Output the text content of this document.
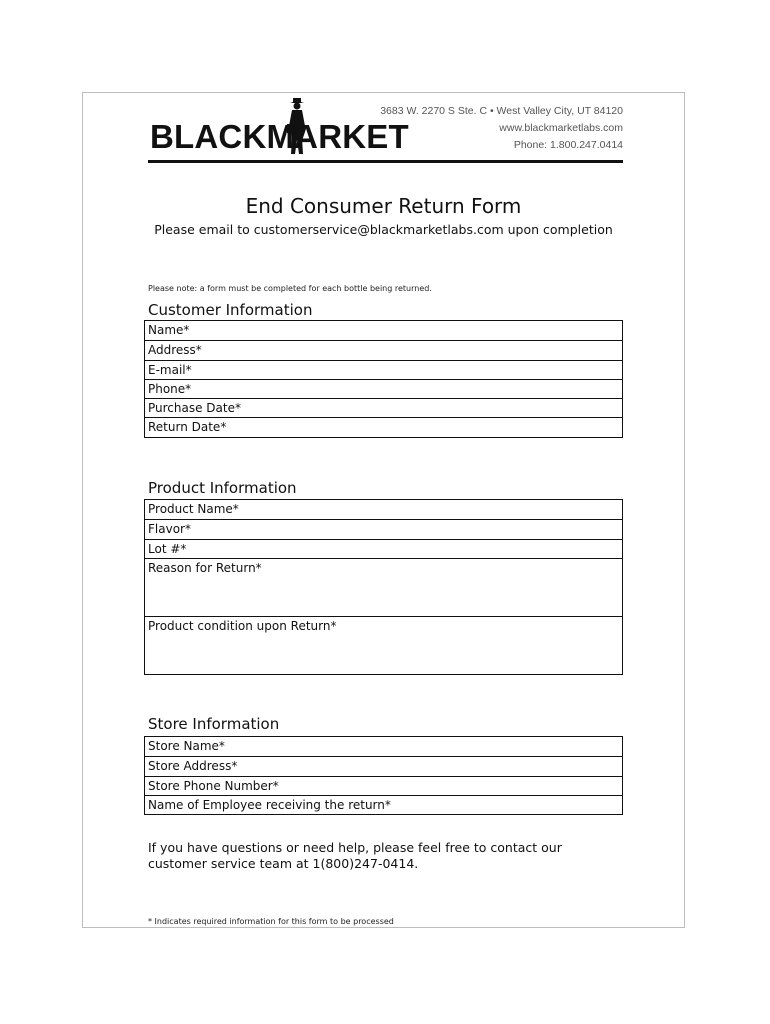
BLACKMARKET
3683 W. 2270 S Ste. C • West Valley City, UT 84120
www.blackmarketlabs.com
Phone: 1.800.247.0414
End Consumer Return Form
Please email to customerservice@blackmarketlabs.com upon completion
Please note: a form must be completed for each bottle being returned.
Customer Information
Name*
Address*
E-mail*
Phone*
Purchase Date*
Return Date*
Product Information
Product Name*
Flavor*
Lot #*
Reason for Return*
Product condition upon Return*
Store Information
Store Name*
Store Address*
Store Phone Number*
Name of Employee receiving the return*
If you have questions or need help, please feel free to contact our customer service team at 1(800)247-0414.
* Indicates required information for this form to be processed
